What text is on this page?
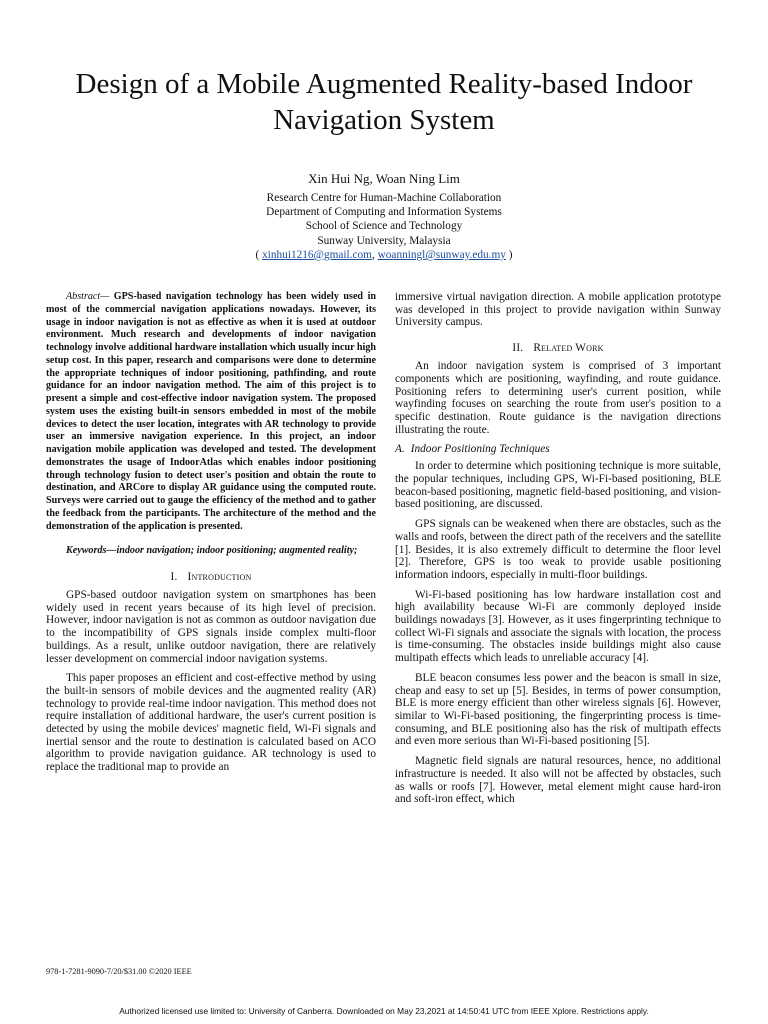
Design of a Mobile Augmented Reality-based Indoor
Navigation System
Xin Hui Ng, Woan Ning Lim
Research Centre for Human-Machine Collaboration
Department of Computing and Information Systems
School of Science and Technology
Sunway University, Malaysia
( xinhui1216@gmail.com, woanningl@sunway.edu.my )

Abstract— GPS-based navigation technology has been widely used in most of the commercial navigation applications nowadays. However, its usage in indoor navigation is not as effective as when it is used at outdoor environment. Much research and developments of indoor navigation technology involve additional hardware installation which usually incur high setup cost. In this paper, research and comparisons were done to determine the appropriate techniques of indoor positioning, pathfinding, and route guidance for an indoor navigation method. The aim of this project is to present a simple and cost-effective indoor navigation system. The proposed system uses the existing built-in sensors embedded in most of the mobile devices to detect the user location, integrates with AR technology to provide user an immersive navigation experience. In this project, an indoor navigation mobile application was developed and tested. The development demonstrates the usage of IndoorAtlas which enables indoor positioning through technology fusion to detect user's position and obtain the route to destination, and ARCore to display AR guidance using the computed route. Surveys were carried out to gauge the efficiency of the method and to gather the feedback from the participants. The architecture of the method and the demonstration of the application is presented.

Keywords—indoor navigation; indoor positioning; augmented reality;
I. Introduction

GPS-based outdoor navigation system on smartphones has been widely used in recent years because of its high level of precision. However, indoor navigation is not as common as outdoor navigation due to the incompatibility of GPS signals inside complex multi-floor buildings. As a result, unlike outdoor navigation, there are relatively lesser development on commercial indoor navigation systems.

This paper proposes an efficient and cost-effective method by using the built-in sensors of mobile devices and the augmented reality (AR) technology to provide real-time indoor navigation. This method does not require installation of additional hardware, the user's current position is detected by using the mobile devices' magnetic field, Wi-Fi signals and inertial sensor and the route to destination is calculated based on ACO algorithm to provide navigation guidance. AR technology is used to replace the traditional map to provide an

immersive virtual navigation direction. A mobile application prototype was developed in this project to provide navigation within Sunway University campus.

II. Related Work

An indoor navigation system is comprised of 3 important components which are positioning, wayfinding, and route guidance. Positioning refers to determining user's current position, while wayfinding focuses on searching the route from user's position to a specific destination. Route guidance is the navigation directions illustrating the route.

A. Indoor Positioning Techniques

In order to determine which positioning technique is more suitable, the popular techniques, including GPS, Wi-Fi-based positioning, BLE beacon-based positioning, magnetic field-based positioning, and vision-based positioning, are discussed.

GPS signals can be weakened when there are obstacles, such as the walls and roofs, between the direct path of the receivers and the satellite [1]. Besides, it is also extremely difficult to determine the floor level [2]. Therefore, GPS is too weak to provide usable positioning information indoors, especially in multi-floor buildings.

Wi-Fi-based positioning has low hardware installation cost and high availability because Wi-Fi are commonly deployed inside buildings nowadays [3]. However, as it uses fingerprinting technique to collect Wi-Fi signals and associate the signals with location, the process is time-consuming. The obstacles inside buildings might also cause multipath effects which leads to unreliable accuracy [4].

BLE beacon consumes less power and the beacon is small in size, cheap and easy to set up [5]. Besides, in terms of power consumption, BLE is more energy efficient than other wireless signals [6]. However, similar to Wi-Fi-based positioning, the fingerprinting process is time-consuming, and BLE positioning also has the risk of multipath effects and even more serious than Wi-Fi-based positioning [5].

Magnetic field signals are natural resources, hence, no additional infrastructure is needed. It also will not be affected by obstacles, such as walls or roofs [7]. However, metal element might cause hard-iron and soft-iron effect, which

978-1-7281-9090-7/20/$31.00 ©2020 IEEE
Authorized licensed use limited to: University of Canberra. Downloaded on May 23,2021 at 14:50:41 UTC from IEEE Xplore. Restrictions apply.
